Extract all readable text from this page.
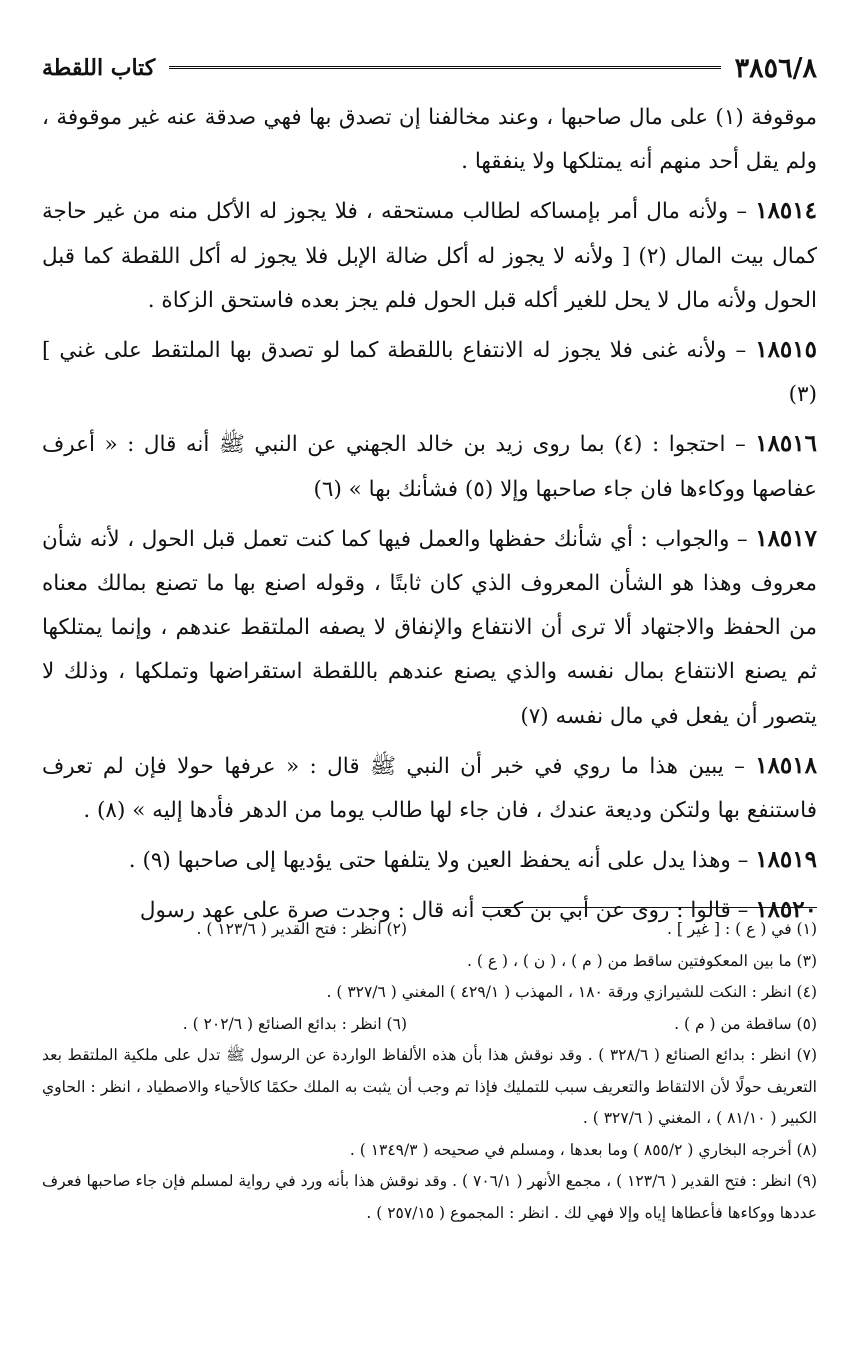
٣٨٥٦/٨
كتاب اللقطة

موقوفة (١) على مال صاحبها ، وعند مخالفنا إن تصدق بها فهي صدقة عنه غير موقوفة ، ولم يقل أحد منهم أنه يمتلكها ولا ينفقها .

١٨٥١٤ – ولأنه مال أمر بإمساكه لطالب مستحقه ، فلا يجوز له الأكل منه من غير حاجة كمال بيت المال (٢) [ ولأنه لا يجوز له أكل ضالة الإبل فلا يجوز له أكل اللقطة كما قبل الحول ولأنه مال لا يحل للغير أكله قبل الحول فلم يجز بعده فاستحق الزكاة .

١٨٥١٥ – ولأنه غنى فلا يجوز له الانتفاع باللقطة كما لو تصدق بها الملتقط على غني ] (٣)

١٨٥١٦ – احتجوا : (٤) بما روى زيد بن خالد الجهني عن النبي ﷺ أنه قال : « أعرف عفاصها ووكاءها فان جاء صاحبها وإلا (٥) فشأنك بها » (٦)

١٨٥١٧ – والجواب : أي شأنك حفظها والعمل فيها كما كنت تعمل قبل الحول ، لأنه شأن معروف وهذا هو الشأن المعروف الذي كان ثابتًا ، وقوله اصنع بها ما تصنع بمالك معناه من الحفظ والاجتهاد ألا ترى أن الانتفاع والإنفاق لا يصفه الملتقط عندهم ، وإنما يمتلكها ثم يصنع الانتفاع بمال نفسه والذي يصنع عندهم باللقطة استقراضها وتملكها ، وذلك لا يتصور أن يفعل في مال نفسه (٧)

١٨٥١٨ – يبين هذا ما روي في خبر أن النبي ﷺ قال : « عرفها حولا فإن لم تعرف فاستنفع بها ولتكن وديعة عندك ، فان جاء لها طالب يوما من الدهر فأدها إليه » (٨) .

١٨٥١٩ – وهذا يدل على أنه يحفظ العين ولا يتلفها حتى يؤديها إلى صاحبها (٩) .

١٨٥٢٠ – قالوا : روى عن أبي بن كعب أنه قال : وجدت صرة على عهد رسول

(١) في ( ع ) : [ غير ] .
(٢) انظر : فتح القدير ( ١٢٣/٦ ) .

(٣) ما بين المعكوفتين ساقط من ( م ) ، ( ن ) ، ( ع ) .

(٤) انظر : النكت للشيرازي ورقة ١٨٠ ، المهذب ( ٤٢٩/١ ) المغني ( ٣٢٧/٦ ) .

(٥) ساقطة من ( م ) .
(٦) انظر : بدائع الصنائع ( ٢٠٢/٦ ) .

(٧) انظر : بدائع الصنائع ( ٣٢٨/٦ ) . وقد نوقش هذا بأن هذه الألفاظ الواردة عن الرسول ﷺ تدل على ملكية الملتقط بعد التعريف حولًا لأن الالتقاط والتعريف سبب للتمليك فإذا تم وجب أن يثبت به الملك حكمًا كالأحياء والاصطياد ، انظر : الحاوي الكبير ( ٨١/١٠ ) ، المغني ( ٣٢٧/٦ ) .

(٨) أخرجه البخاري ( ٨٥٥/٢ ) وما بعدها ، ومسلم في صحيحه ( ١٣٤٩/٣ ) .

(٩) انظر : فتح القدير ( ١٢٣/٦ ) ، مجمع الأنهر ( ٧٠٦/١ ) . وقد نوقش هذا بأنه ورد في رواية لمسلم فإن جاء صاحبها فعرف عددها ووكاءها فأعطاها إياه وإلا فهي لك . انظر : المجموع ( ٢٥٧/١٥ ) .
